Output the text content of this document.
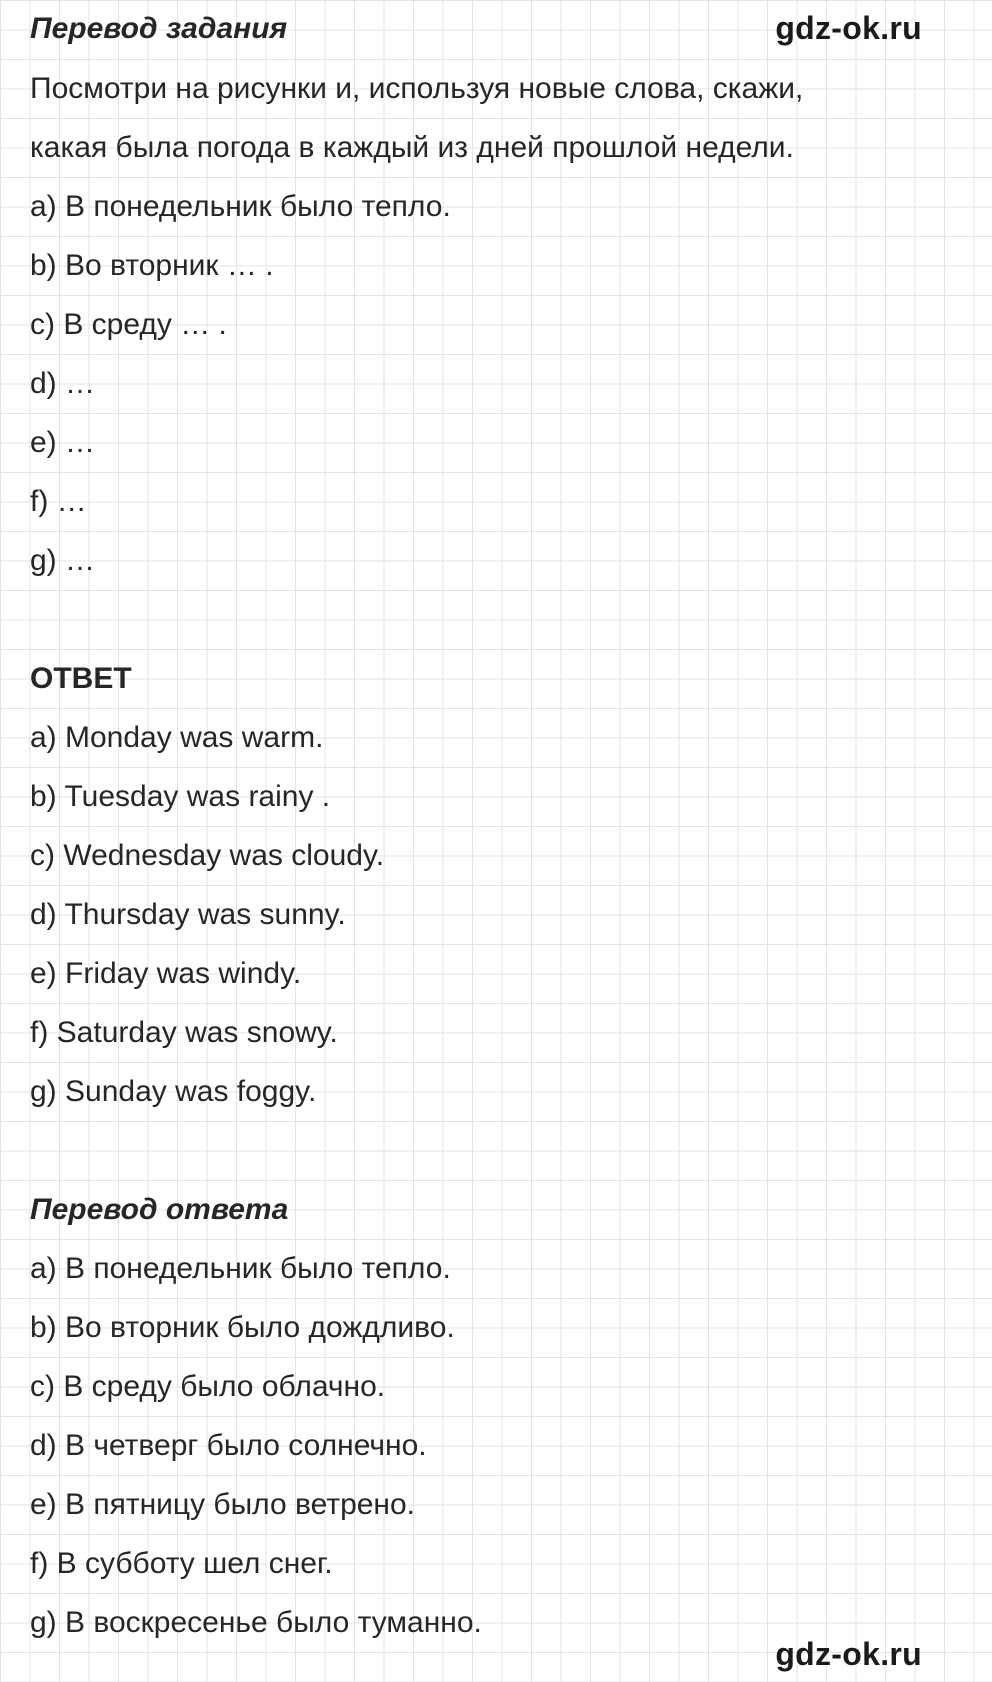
gdz-ok.ru
gdz-ok.ru
Перевод задания
Посмотри на рисунки и, используя новые слова, скажи,
какая была погода в каждый из дней прошлой недели.
a) В понедельник было тепло.
b) Во вторник … .
c) В среду … .
d) …
e) …
f) …
g) …
ОТВЕТ
a) Monday was warm.
b) Tuesday was rainy .
c) Wednesday was cloudy.
d) Thursday was sunny.
e) Friday was windy.
f) Saturday was snowy.
g) Sunday was foggy.
Перевод ответа
a) В понедельник было тепло.
b) Во вторник было дождливо.
c) В среду было облачно.
d) В четверг было солнечно.
e) В пятницу было ветрено.
f) В субботу шел снег.
g) В воскресенье было туманно.
